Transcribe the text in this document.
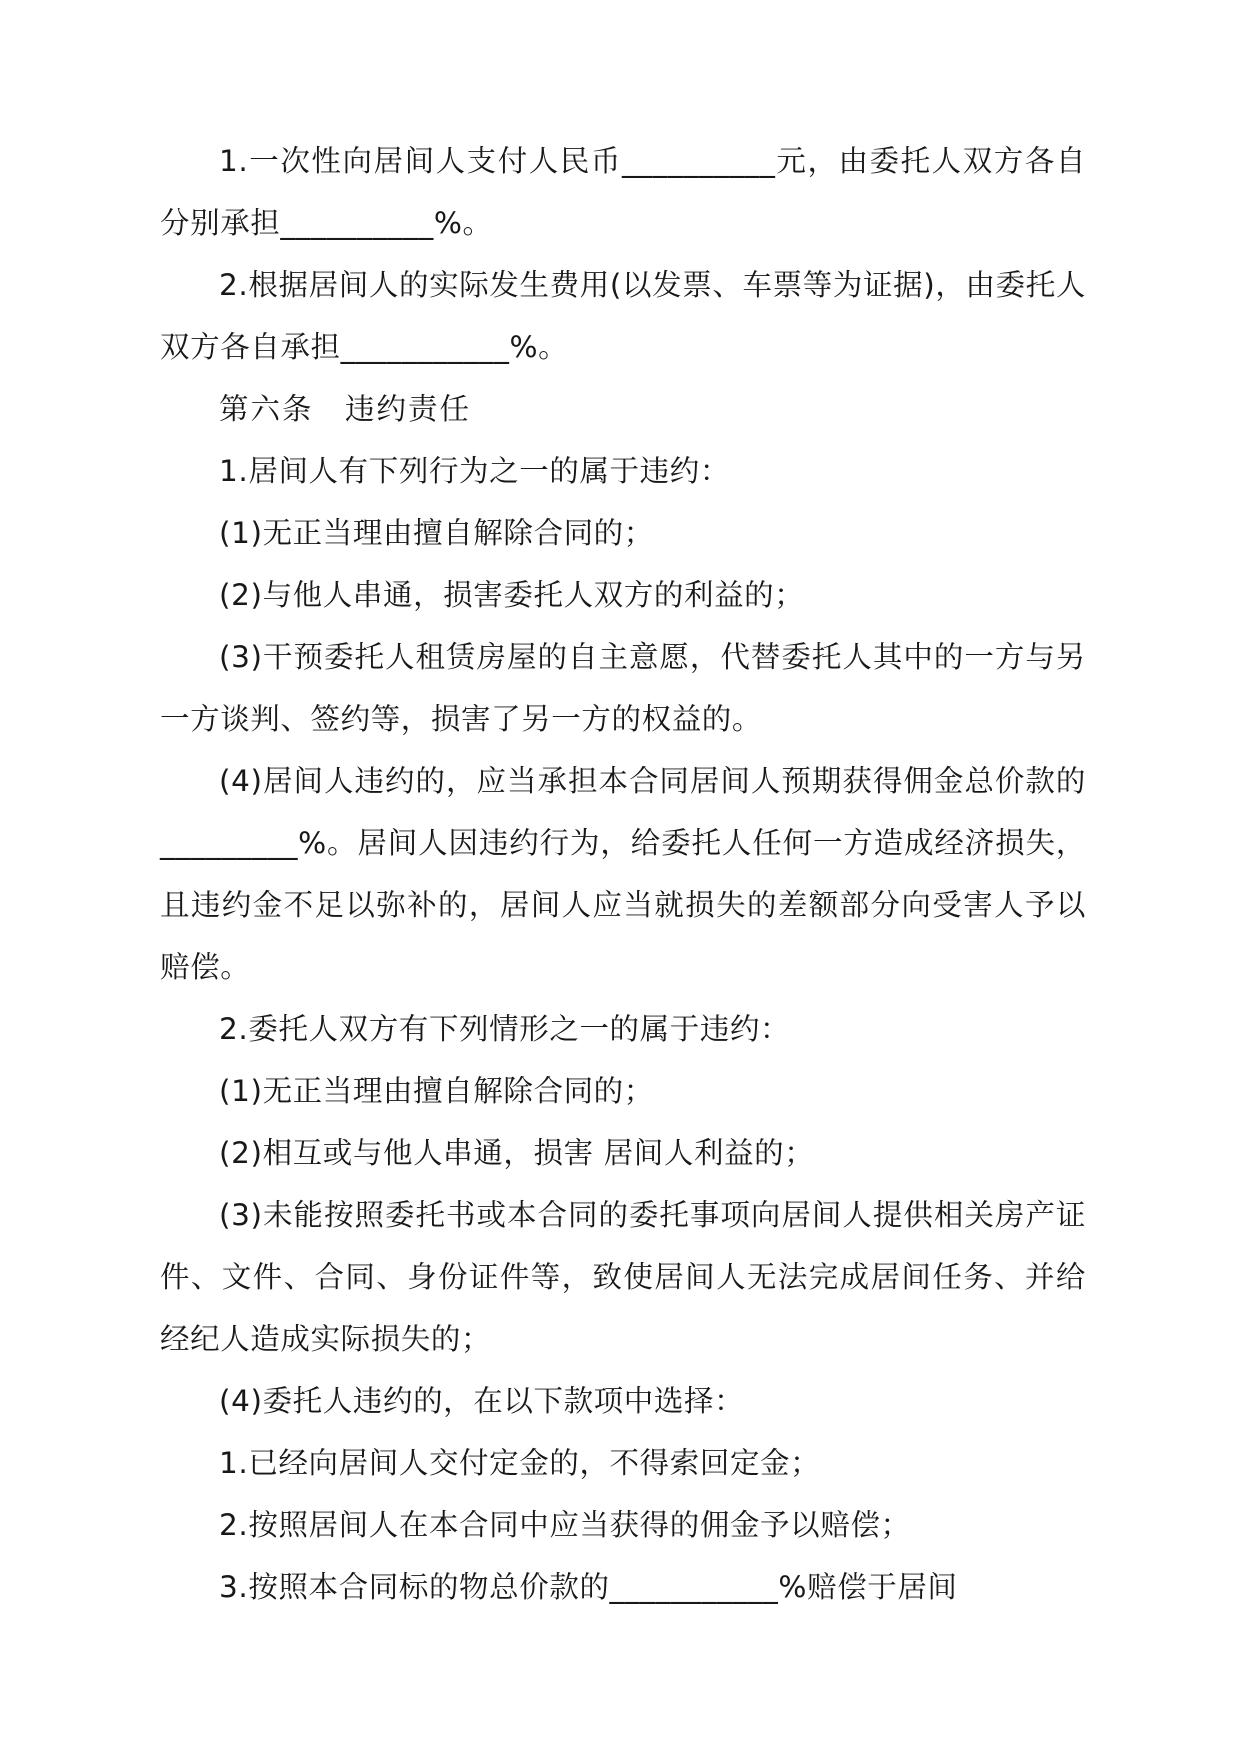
1.一次性向居间人支付人民币__________元，由委托人双方各自分别承担__________%。

2.根据居间人的实际发生费用(以发票、车票等为证据)，由委托人双方各自承担___________%。

第六条　违约责任

1.居间人有下列行为之一的属于违约：

(1)无正当理由擅自解除合同的；

(2)与他人串通，损害委托人双方的利益的；

(3)干预委托人租赁房屋的自主意愿，代替委托人其中的一方与另一方谈判、签约等，损害了另一方的权益的。

(4)居间人违约的，应当承担本合同居间人预期获得佣金总价款的_________%。居间人因违约行为，给委托人任何一方造成经济损失，且违约金不足以弥补的，居间人应当就损失的差额部分向受害人予以赔偿。

2.委托人双方有下列情形之一的属于违约：

(1)无正当理由擅自解除合同的；

(2)相互或与他人串通，损害 居间人利益的；

(3)未能按照委托书或本合同的委托事项向居间人提供相关房产证件、文件、合同、身份证件等，致使居间人无法完成居间任务、并给经纪人造成实际损失的；

(4)委托人违约的，在以下款项中选择：

1.已经向居间人交付定金的，不得索回定金；

2.按照居间人在本合同中应当获得的佣金予以赔偿；

3.按照本合同标的物总价款的___________%赔偿于居间
